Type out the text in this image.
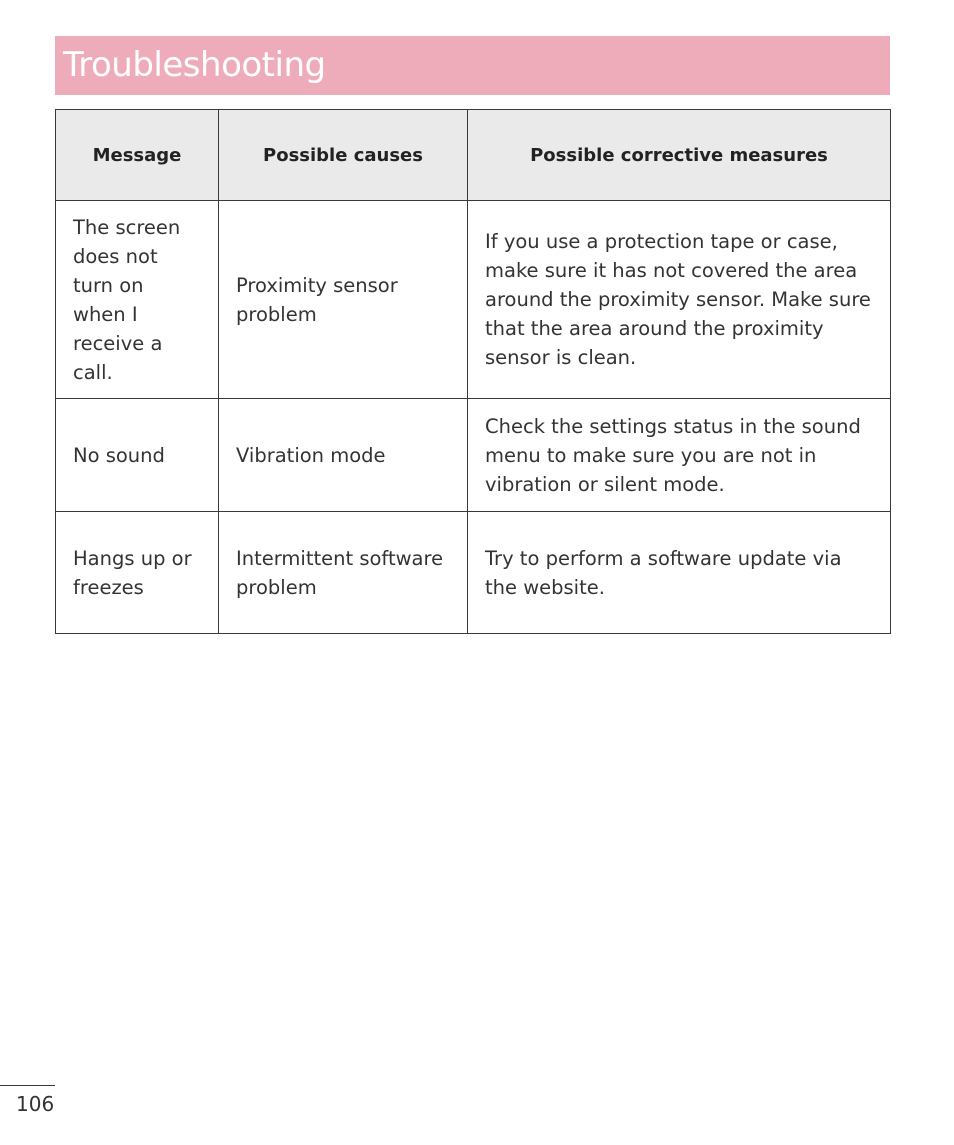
Troubleshooting
Message	Possible causes	Possible corrective measures
The screen does not turn on when I receive a call.	Proximity sensor problem	If you use a protection tape or case, make sure it has not covered the area around the proximity sensor. Make sure that the area around the proximity sensor is clean.
No sound	Vibration mode	Check the settings status in the sound menu to make sure you are not in vibration or silent mode.
Hangs up or freezes	Intermittent software problem	Try to perform a software update via the website.
106
